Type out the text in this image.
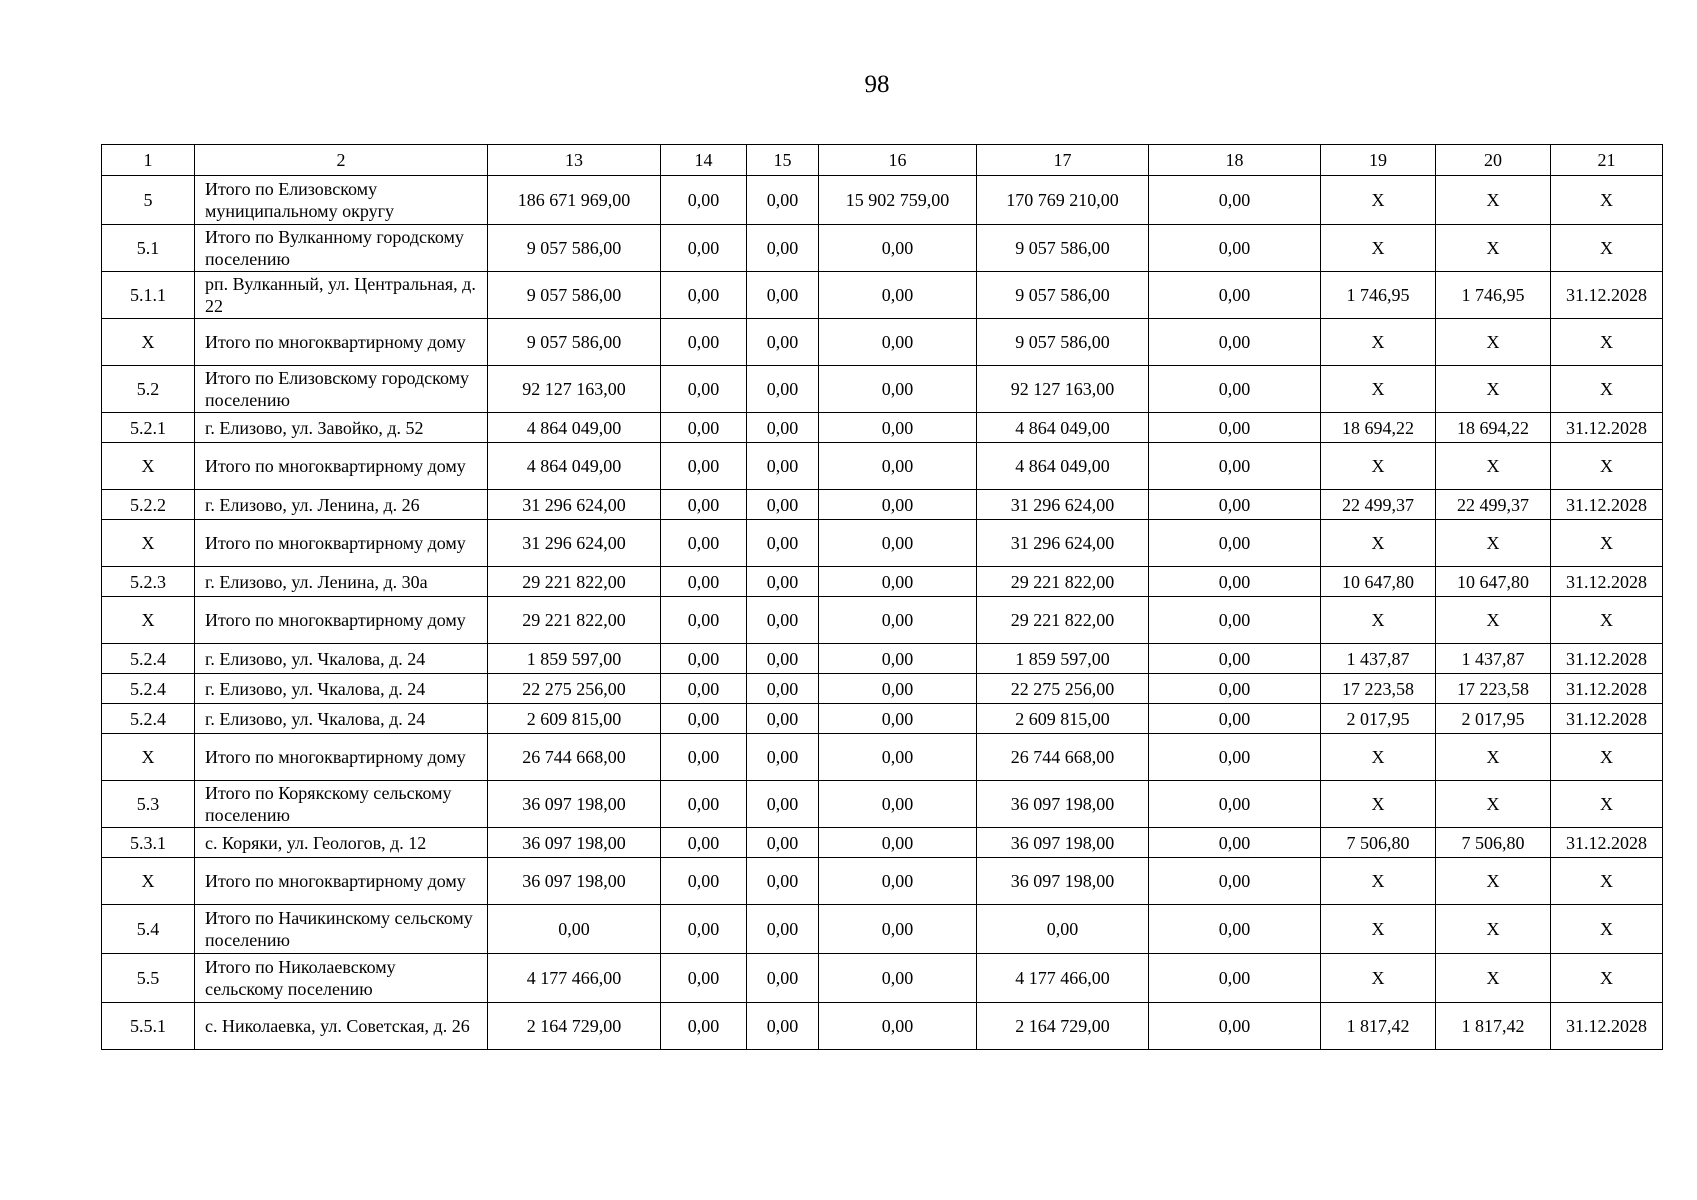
98
1	2	13	14	15	16	17	18	19	20	21
5	Итого по Елизовскому муниципальному округу	186 671 969,00	0,00	0,00	15 902 759,00	170 769 210,00	0,00	X	X	X
5.1	Итого по Вулканному городскому поселению	9 057 586,00	0,00	0,00	0,00	9 057 586,00	0,00	X	X	X
5.1.1	рп. Вулканный, ул. Центральная, д. 22	9 057 586,00	0,00	0,00	0,00	9 057 586,00	0,00	1 746,95	1 746,95	31.12.2028
X	Итого по многоквартирному дому	9 057 586,00	0,00	0,00	0,00	9 057 586,00	0,00	X	X	X
5.2	Итого по Елизовскому городскому поселению	92 127 163,00	0,00	0,00	0,00	92 127 163,00	0,00	X	X	X
5.2.1	г. Елизово, ул. Завойко, д. 52	4 864 049,00	0,00	0,00	0,00	4 864 049,00	0,00	18 694,22	18 694,22	31.12.2028
X	Итого по многоквартирному дому	4 864 049,00	0,00	0,00	0,00	4 864 049,00	0,00	X	X	X
5.2.2	г. Елизово, ул. Ленина, д. 26	31 296 624,00	0,00	0,00	0,00	31 296 624,00	0,00	22 499,37	22 499,37	31.12.2028
X	Итого по многоквартирному дому	31 296 624,00	0,00	0,00	0,00	31 296 624,00	0,00	X	X	X
5.2.3	г. Елизово, ул. Ленина, д. 30а	29 221 822,00	0,00	0,00	0,00	29 221 822,00	0,00	10 647,80	10 647,80	31.12.2028
X	Итого по многоквартирному дому	29 221 822,00	0,00	0,00	0,00	29 221 822,00	0,00	X	X	X
5.2.4	г. Елизово, ул. Чкалова, д. 24	1 859 597,00	0,00	0,00	0,00	1 859 597,00	0,00	1 437,87	1 437,87	31.12.2028
5.2.4	г. Елизово, ул. Чкалова, д. 24	22 275 256,00	0,00	0,00	0,00	22 275 256,00	0,00	17 223,58	17 223,58	31.12.2028
5.2.4	г. Елизово, ул. Чкалова, д. 24	2 609 815,00	0,00	0,00	0,00	2 609 815,00	0,00	2 017,95	2 017,95	31.12.2028
X	Итого по многоквартирному дому	26 744 668,00	0,00	0,00	0,00	26 744 668,00	0,00	X	X	X
5.3	Итого по Корякскому сельскому поселению	36 097 198,00	0,00	0,00	0,00	36 097 198,00	0,00	X	X	X
5.3.1	с. Коряки, ул. Геологов, д. 12	36 097 198,00	0,00	0,00	0,00	36 097 198,00	0,00	7 506,80	7 506,80	31.12.2028
X	Итого по многоквартирному дому	36 097 198,00	0,00	0,00	0,00	36 097 198,00	0,00	X	X	X
5.4	Итого по Начикинскому сельскому поселению	0,00	0,00	0,00	0,00	0,00	0,00	X	X	X
5.5	Итого по Николаевскому сельскому поселению	4 177 466,00	0,00	0,00	0,00	4 177 466,00	0,00	X	X	X
5.5.1	с. Николаевка, ул. Советская, д. 26	2 164 729,00	0,00	0,00	0,00	2 164 729,00	0,00	1 817,42	1 817,42	31.12.2028
